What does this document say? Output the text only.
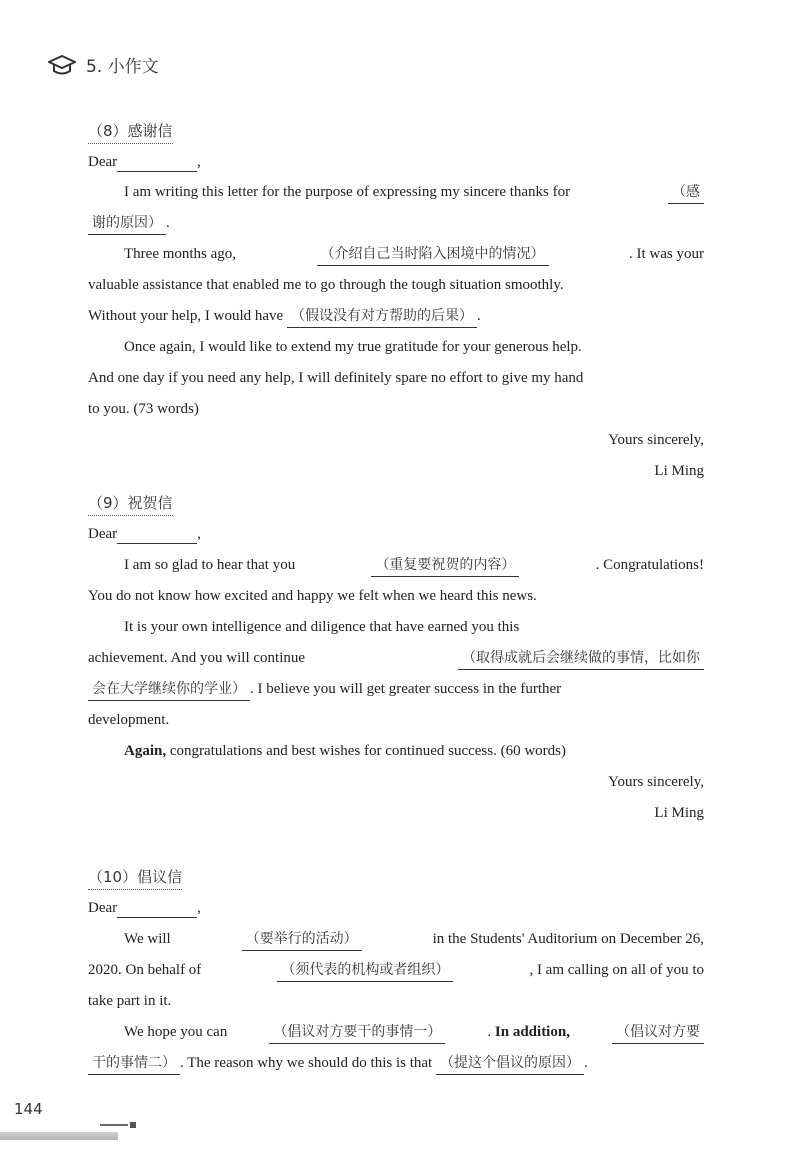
5. 小作文
（8）感谢信
Dear	,
I am writing this letter for the purpose of expressing my sincere thanks for	（感
谢的原因） .
Three months ago,	（介绍自己当时陷入困境中的情况）	. It was your
valuable assistance that enabled me to go through the tough situation smoothly.
Without your help, I would have （假设没有对方帮助的后果） .
Once again, I would like to extend my true gratitude for your generous help.
And one day if you need any help, I will definitely spare no effort to give my hand
to you. (73 words)
Yours sincerely,
Li Ming
（9）祝贺信
Dear	,
I am so glad to hear that you	（重复要祝贺的内容）	. Congratulations!
You do not know how excited and happy we felt when we heard this news.
It is your own intelligence and diligence that have earned you this
achievement. And you will continue	（取得成就后会继续做的事情，比如你
会在大学继续你的学业） . I believe you will get greater success in the further
development.
Again, congratulations and best wishes for continued success. (60 words)
Yours sincerely,
Li Ming
（10）倡议信
Dear	,
We will	（要举行的活动）	in the Students' Auditorium on December 26,
2020. On behalf of	（须代表的机构或者组织）	, I am calling on all of you to
take part in it.
We hope you can	（倡议对方要干的事情一）	. In addition,	（倡议对方要
干的事情二） . The reason why we should do this is that （提这个倡议的原因） .
144
